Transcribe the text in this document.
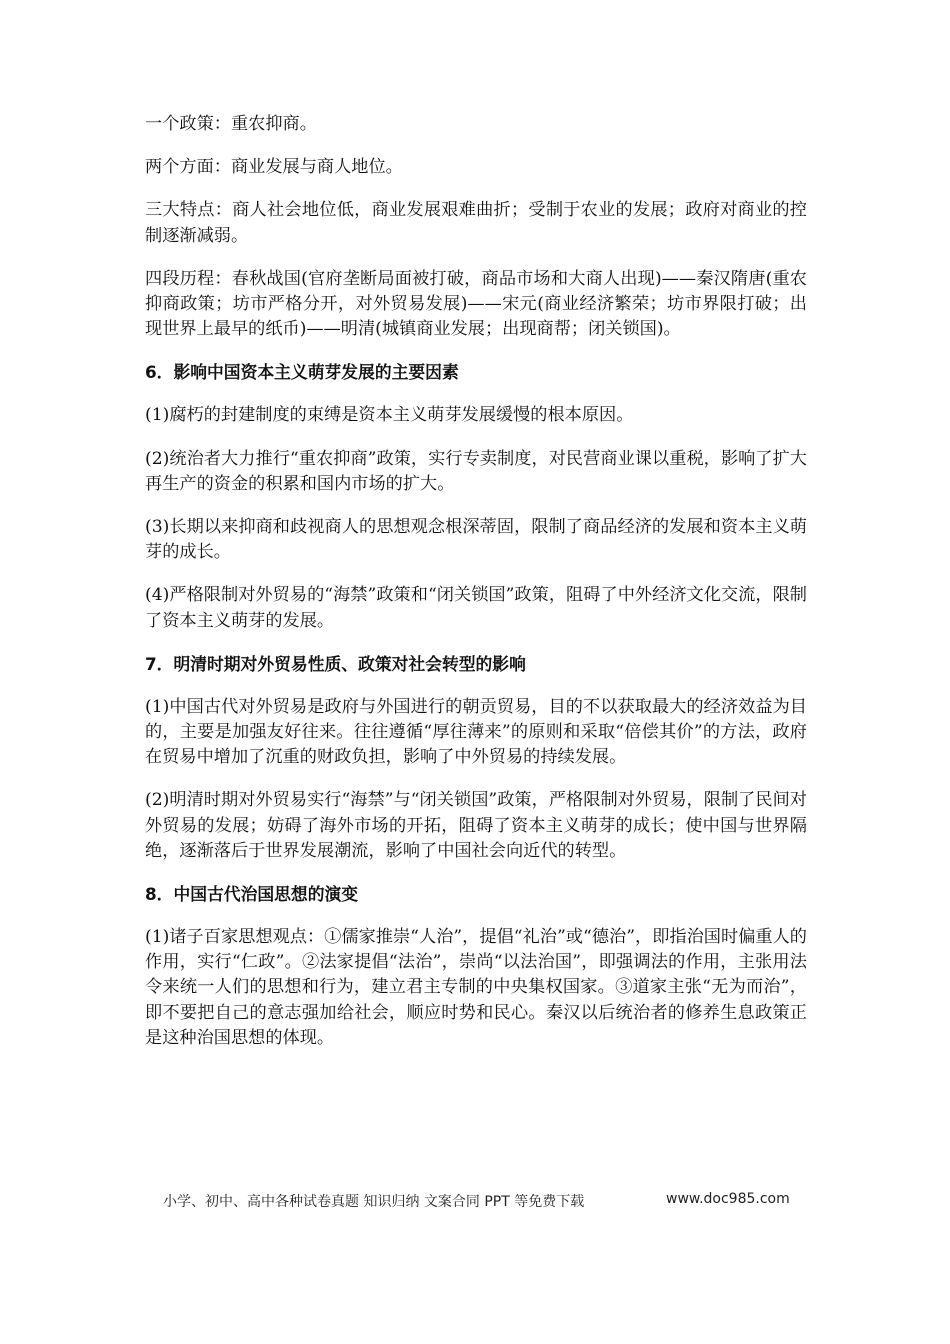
一个政策：重农抑商。

两个方面：商业发展与商人地位。

三大特点：商人社会地位低，商业发展艰难曲折；受制于农业的发展；政府对商业的控制逐渐减弱。

四段历程：春秋战国(官府垄断局面被打破，商品市场和大商人出现)——秦汉隋唐(重农抑商政策；坊市严格分开，对外贸易发展)——宋元(商业经济繁荣；坊市界限打破；出现世界上最早的纸币)——明清(城镇商业发展；出现商帮；闭关锁国)。

6．影响中国资本主义萌芽发展的主要因素

(1)腐朽的封建制度的束缚是资本主义萌芽发展缓慢的根本原因。

(2)统治者大力推行“重农抑商”政策，实行专卖制度，对民营商业课以重税，影响了扩大再生产的资金的积累和国内市场的扩大。

(3)长期以来抑商和歧视商人的思想观念根深蒂固，限制了商品经济的发展和资本主义萌芽的成长。

(4)严格限制对外贸易的“海禁”政策和“闭关锁国”政策，阻碍了中外经济文化交流，限制了资本主义萌芽的发展。

7．明清时期对外贸易性质、政策对社会转型的影响

(1)中国古代对外贸易是政府与外国进行的朝贡贸易，目的不以获取最大的经济效益为目的，主要是加强友好往来。往往遵循“厚往薄来”的原则和采取“倍偿其价”的方法，政府在贸易中增加了沉重的财政负担，影响了中外贸易的持续发展。

(2)明清时期对外贸易实行“海禁”与“闭关锁国”政策，严格限制对外贸易，限制了民间对外贸易的发展；妨碍了海外市场的开拓，阻碍了资本主义萌芽的成长；使中国与世界隔绝，逐渐落后于世界发展潮流，影响了中国社会向近代的转型。

8．中国古代治国思想的演变

(1)诸子百家思想观点：①儒家推崇“人治”，提倡“礼治”或“德治”，即指治国时偏重人的作用，实行“仁政”。②法家提倡“法治”，崇尚“以法治国”，即强调法的作用，主张用法令来统一人们的思想和行为，建立君主专制的中央集权国家。③道家主张“无为而治”，即不要把自己的意志强加给社会，顺应时势和民心。秦汉以后统治者的修养生息政策正是这种治国思想的体现。

小学、初中、高中各种试卷真题 知识归纳 文案合同 PPT 等免费下载	www.doc985.com
